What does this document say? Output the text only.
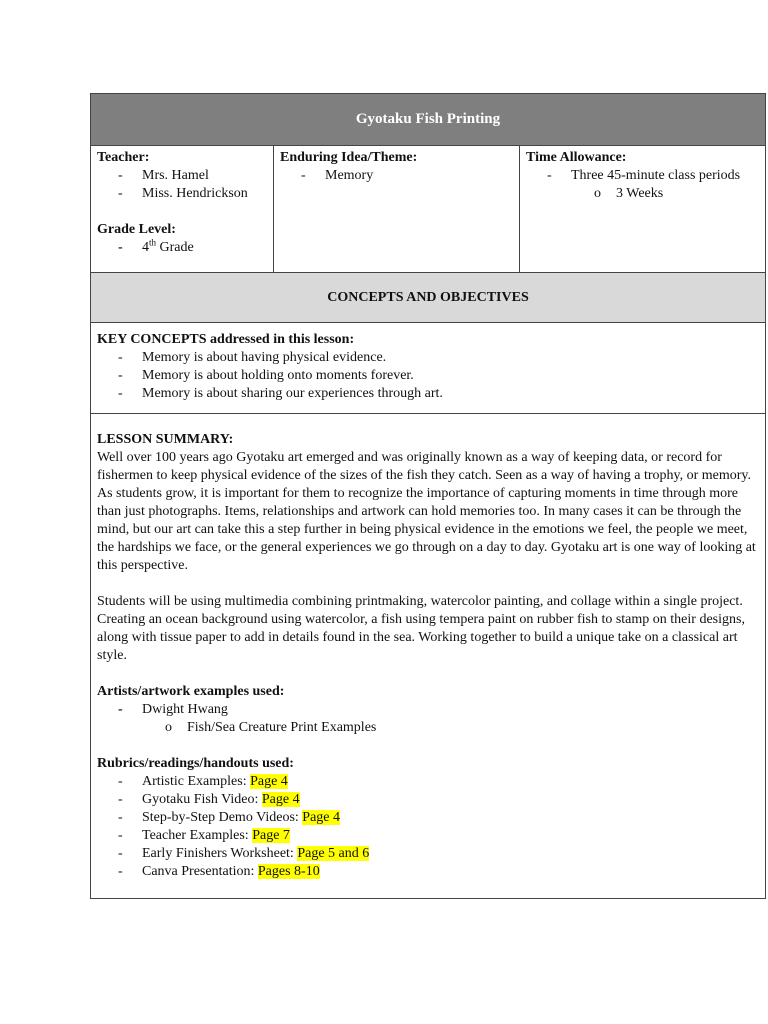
Gyotaku Fish Printing
Teacher:
- Mrs. Hamel
- Miss. Hendrickson
Grade Level:
- 4th Grade
Enduring Idea/Theme:
- Memory
Time Allowance:
- Three 45-minute class periods
o 3 Weeks
CONCEPTS AND OBJECTIVES
KEY CONCEPTS addressed in this lesson:
- Memory is about having physical evidence.
- Memory is about holding onto moments forever.
- Memory is about sharing our experiences through art.
LESSON SUMMARY:

Well over 100 years ago Gyotaku art emerged and was originally known as a way of keeping data, or record for fishermen to keep physical evidence of the sizes of the fish they catch. Seen as a way of having a trophy, or memory. As students grow, it is important for them to recognize the importance of capturing moments in time through more than just photographs. Items, relationships and artwork can hold memories too. In many cases it can be through the mind, but our art can take this a step further in being physical evidence in the emotions we feel, the people we meet, the hardships we face, or the general experiences we go through on a day to day. Gyotaku art is one way of looking at this perspective.

Students will be using multimedia combining printmaking, watercolor painting, and collage within a single project. Creating an ocean background using watercolor, a fish using tempera paint on rubber fish to stamp on their designs, along with tissue paper to add in details found in the sea. Working together to build a unique take on a classical art style.

Artists/artwork examples used:
- Dwight Hwang
o Fish/Sea Creature Print Examples
Rubrics/readings/handouts used:
- Artistic Examples: Page 4
- Gyotaku Fish Video: Page 4
- Step-by-Step Demo Videos: Page 4
- Teacher Examples: Page 7
- Early Finishers Worksheet: Page 5 and 6
- Canva Presentation: Pages 8-10
